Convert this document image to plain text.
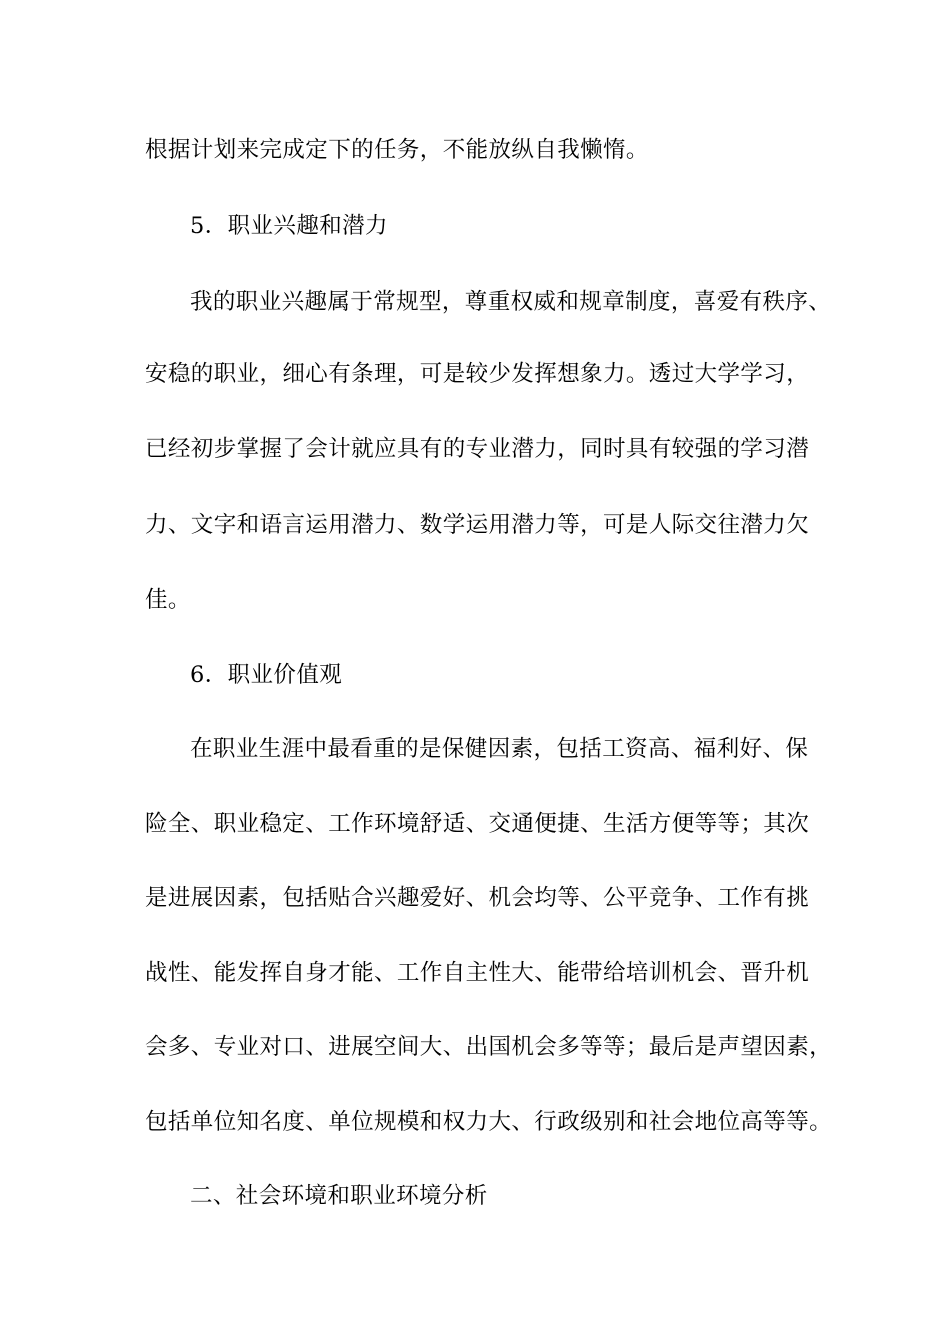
根据计划来完成定下的任务，不能放纵自我懒惰。
5．职业兴趣和潜力
我的职业兴趣属于常规型，尊重权威和规章制度，喜爱有秩序、
安稳的职业，细心有条理，可是较少发挥想象力。透过大学学习，
已经初步掌握了会计就应具有的专业潜力，同时具有较强的学习潜
力、文字和语言运用潜力、数学运用潜力等，可是人际交往潜力欠
佳。
6．职业价值观
在职业生涯中最看重的是保健因素，包括工资高、福利好、保
险全、职业稳定、工作环境舒适、交通便捷、生活方便等等；其次
是进展因素，包括贴合兴趣爱好、机会均等、公平竞争、工作有挑
战性、能发挥自身才能、工作自主性大、能带给培训机会、晋升机
会多、专业对口、进展空间大、出国机会多等等；最后是声望因素，
包括单位知名度、单位规模和权力大、行政级别和社会地位高等等。
二、社会环境和职业环境分析
